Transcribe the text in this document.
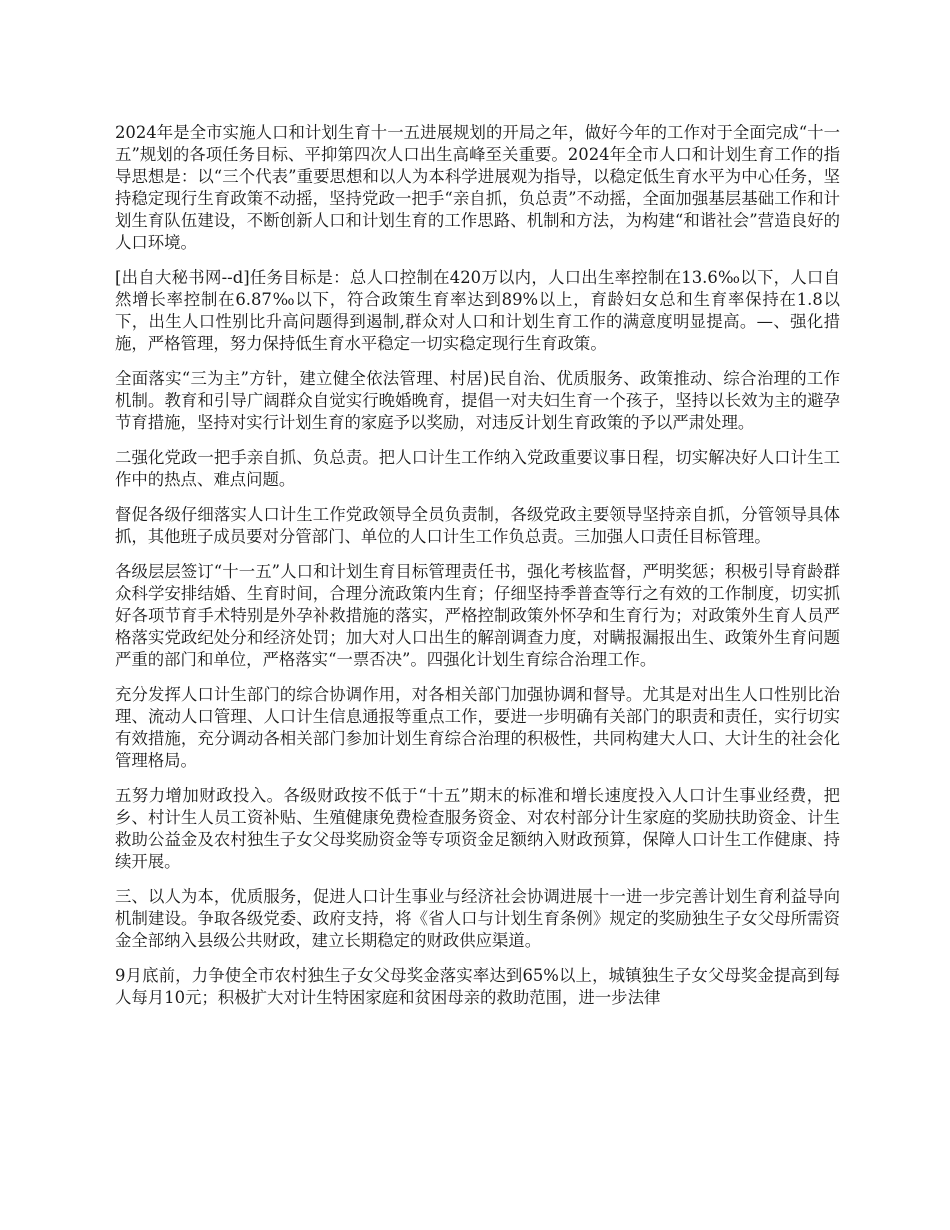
2024年是全市实施人口和计划生育十一五进展规划的开局之年，做好今年的工作对于全面完成“十一五”规划的各项任务目标、平抑第四次人口出生高峰至关重要。2024年全市人口和计划生育工作的指导思想是：以“三个代表”重要思想和以人为本科学进展观为指导，以稳定低生育水平为中心任务，坚持稳定现行生育政策不动摇，坚持党政一把手“亲自抓，负总责”不动摇，全面加强基层基础工作和计划生育队伍建设，不断创新人口和计划生育的工作思路、机制和方法，为构建“和谐社会”营造良好的人口环境。

[出自大秘书网--d]任务目标是：总人口控制在420万以内，人口出生率控制在13.6‰以下，人口自然增长率控制在6.87‰以下，符合政策生育率达到89%以上，育龄妇女总和生育率保持在1.8以下，出生人口性别比升高问题得到遏制,群众对人口和计划生育工作的满意度明显提高。—、强化措施，严格管理，努力保持低生育水平稳定一切实稳定现行生育政策。

全面落实“三为主”方针，建立健全依法管理、村居)民自治、优质服务、政策推动、综合治理的工作机制。教育和引导广阔群众自觉实行晚婚晚育，提倡一对夫妇生育一个孩子，坚持以长效为主的避孕节育措施，坚持对实行计划生育的家庭予以奖励，对违反计划生育政策的予以严肃处理。

二强化党政一把手亲自抓、负总责。把人口计生工作纳入党政重要议事日程，切实解决好人口计生工作中的热点、难点问题。

督促各级仔细落实人口计生工作党政领导全员负责制，各级党政主要领导坚持亲自抓，分管领导具体抓，其他班子成员要对分管部门、单位的人口计生工作负总责。三加强人口责任目标管理。

各级层层签订“十一五”人口和计划生育目标管理责任书，强化考核监督，严明奖惩；积极引导育龄群众科学安排结婚、生育时间，合理分流政策内生育；仔细坚持季普查等行之有效的工作制度，切实抓好各项节育手术特别是外孕补救措施的落实，严格控制政策外怀孕和生育行为；对政策外生育人员严格落实党政纪处分和经济处罚；加大对人口出生的解剖调查力度，对瞒报漏报出生、政策外生育问题严重的部门和单位，严格落实“一票否决”。四强化计划生育综合治理工作。

充分发挥人口计生部门的综合协调作用，对各相关部门加强协调和督导。尤其是对出生人口性别比治理、流动人口管理、人口计生信息通报等重点工作，要进一步明确有关部门的职责和责任，实行切实有效措施，充分调动各相关部门参加计划生育综合治理的积极性，共同构建大人口、大计生的社会化管理格局。

五努力增加财政投入。各级财政按不低于“十五”期末的标准和增长速度投入人口计生事业经费，把乡、村计生人员工资补贴、生殖健康免费检查服务资金、对农村部分计生家庭的奖励扶助资金、计生救助公益金及农村独生子女父母奖励资金等专项资金足额纳入财政预算，保障人口计生工作健康、持续开展。

三、以人为本，优质服务，促进人口计生事业与经济社会协调进展十一进一步完善计划生育利益导向机制建设。争取各级党委、政府支持，将《省人口与计划生育条例》规定的奖励独生子女父母所需资金全部纳入县级公共财政，建立长期稳定的财政供应渠道。

9月底前，力争使全市农村独生子女父母奖金落实率达到65%以上，城镇独生子女父母奖金提高到每人每月10元；积极扩大对计生特困家庭和贫困母亲的救助范围，进一步法律
